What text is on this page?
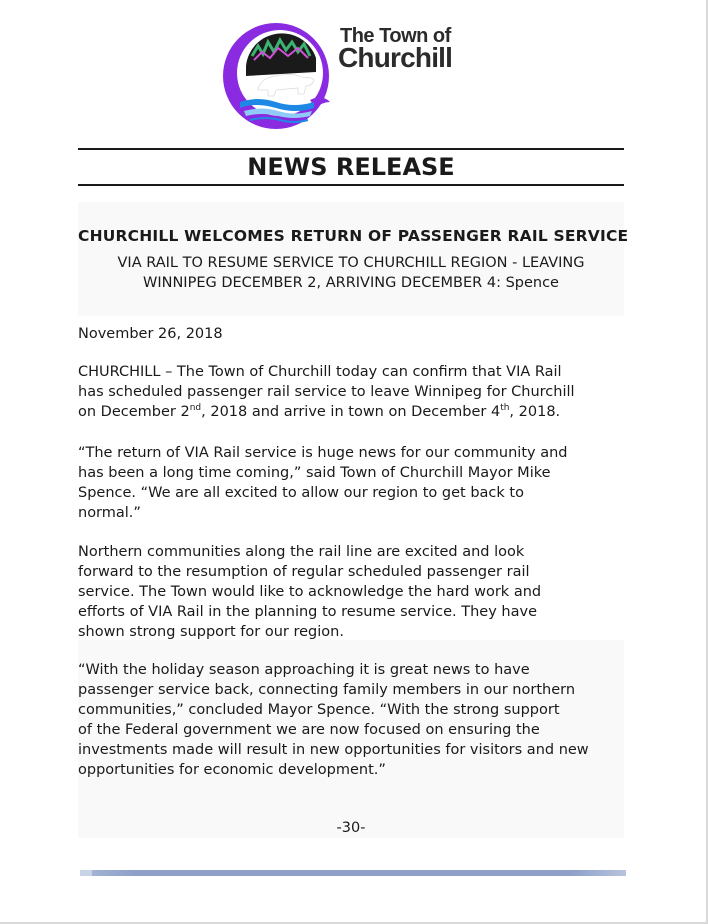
The Town of
Churchill
NEWS RELEASE
CHURCHILL WELCOMES RETURN OF PASSENGER RAIL SERVICE
VIA RAIL TO RESUME SERVICE TO CHURCHILL REGION - LEAVING
WINNIPEG DECEMBER 2, ARRIVING DECEMBER 4: Spence
November 26, 2018
CHURCHILL – The Town of Churchill today can confirm that VIA Rail
has scheduled passenger rail service to leave Winnipeg for Churchill
on December 2nd, 2018 and arrive in town on December 4th, 2018.
“The return of VIA Rail service is huge news for our community and
has been a long time coming,” said Town of Churchill Mayor Mike
Spence. “We are all excited to allow our region to get back to
normal.”
Northern communities along the rail line are excited and look
forward to the resumption of regular scheduled passenger rail
service. The Town would like to acknowledge the hard work and
efforts of VIA Rail in the planning to resume service. They have
shown strong support for our region.
“With the holiday season approaching it is great news to have
passenger service back, connecting family members in our northern
communities,” concluded Mayor Spence. “With the strong support
of the Federal government we are now focused on ensuring the
investments made will result in new opportunities for visitors and new
opportunities for economic development.”
-30-
